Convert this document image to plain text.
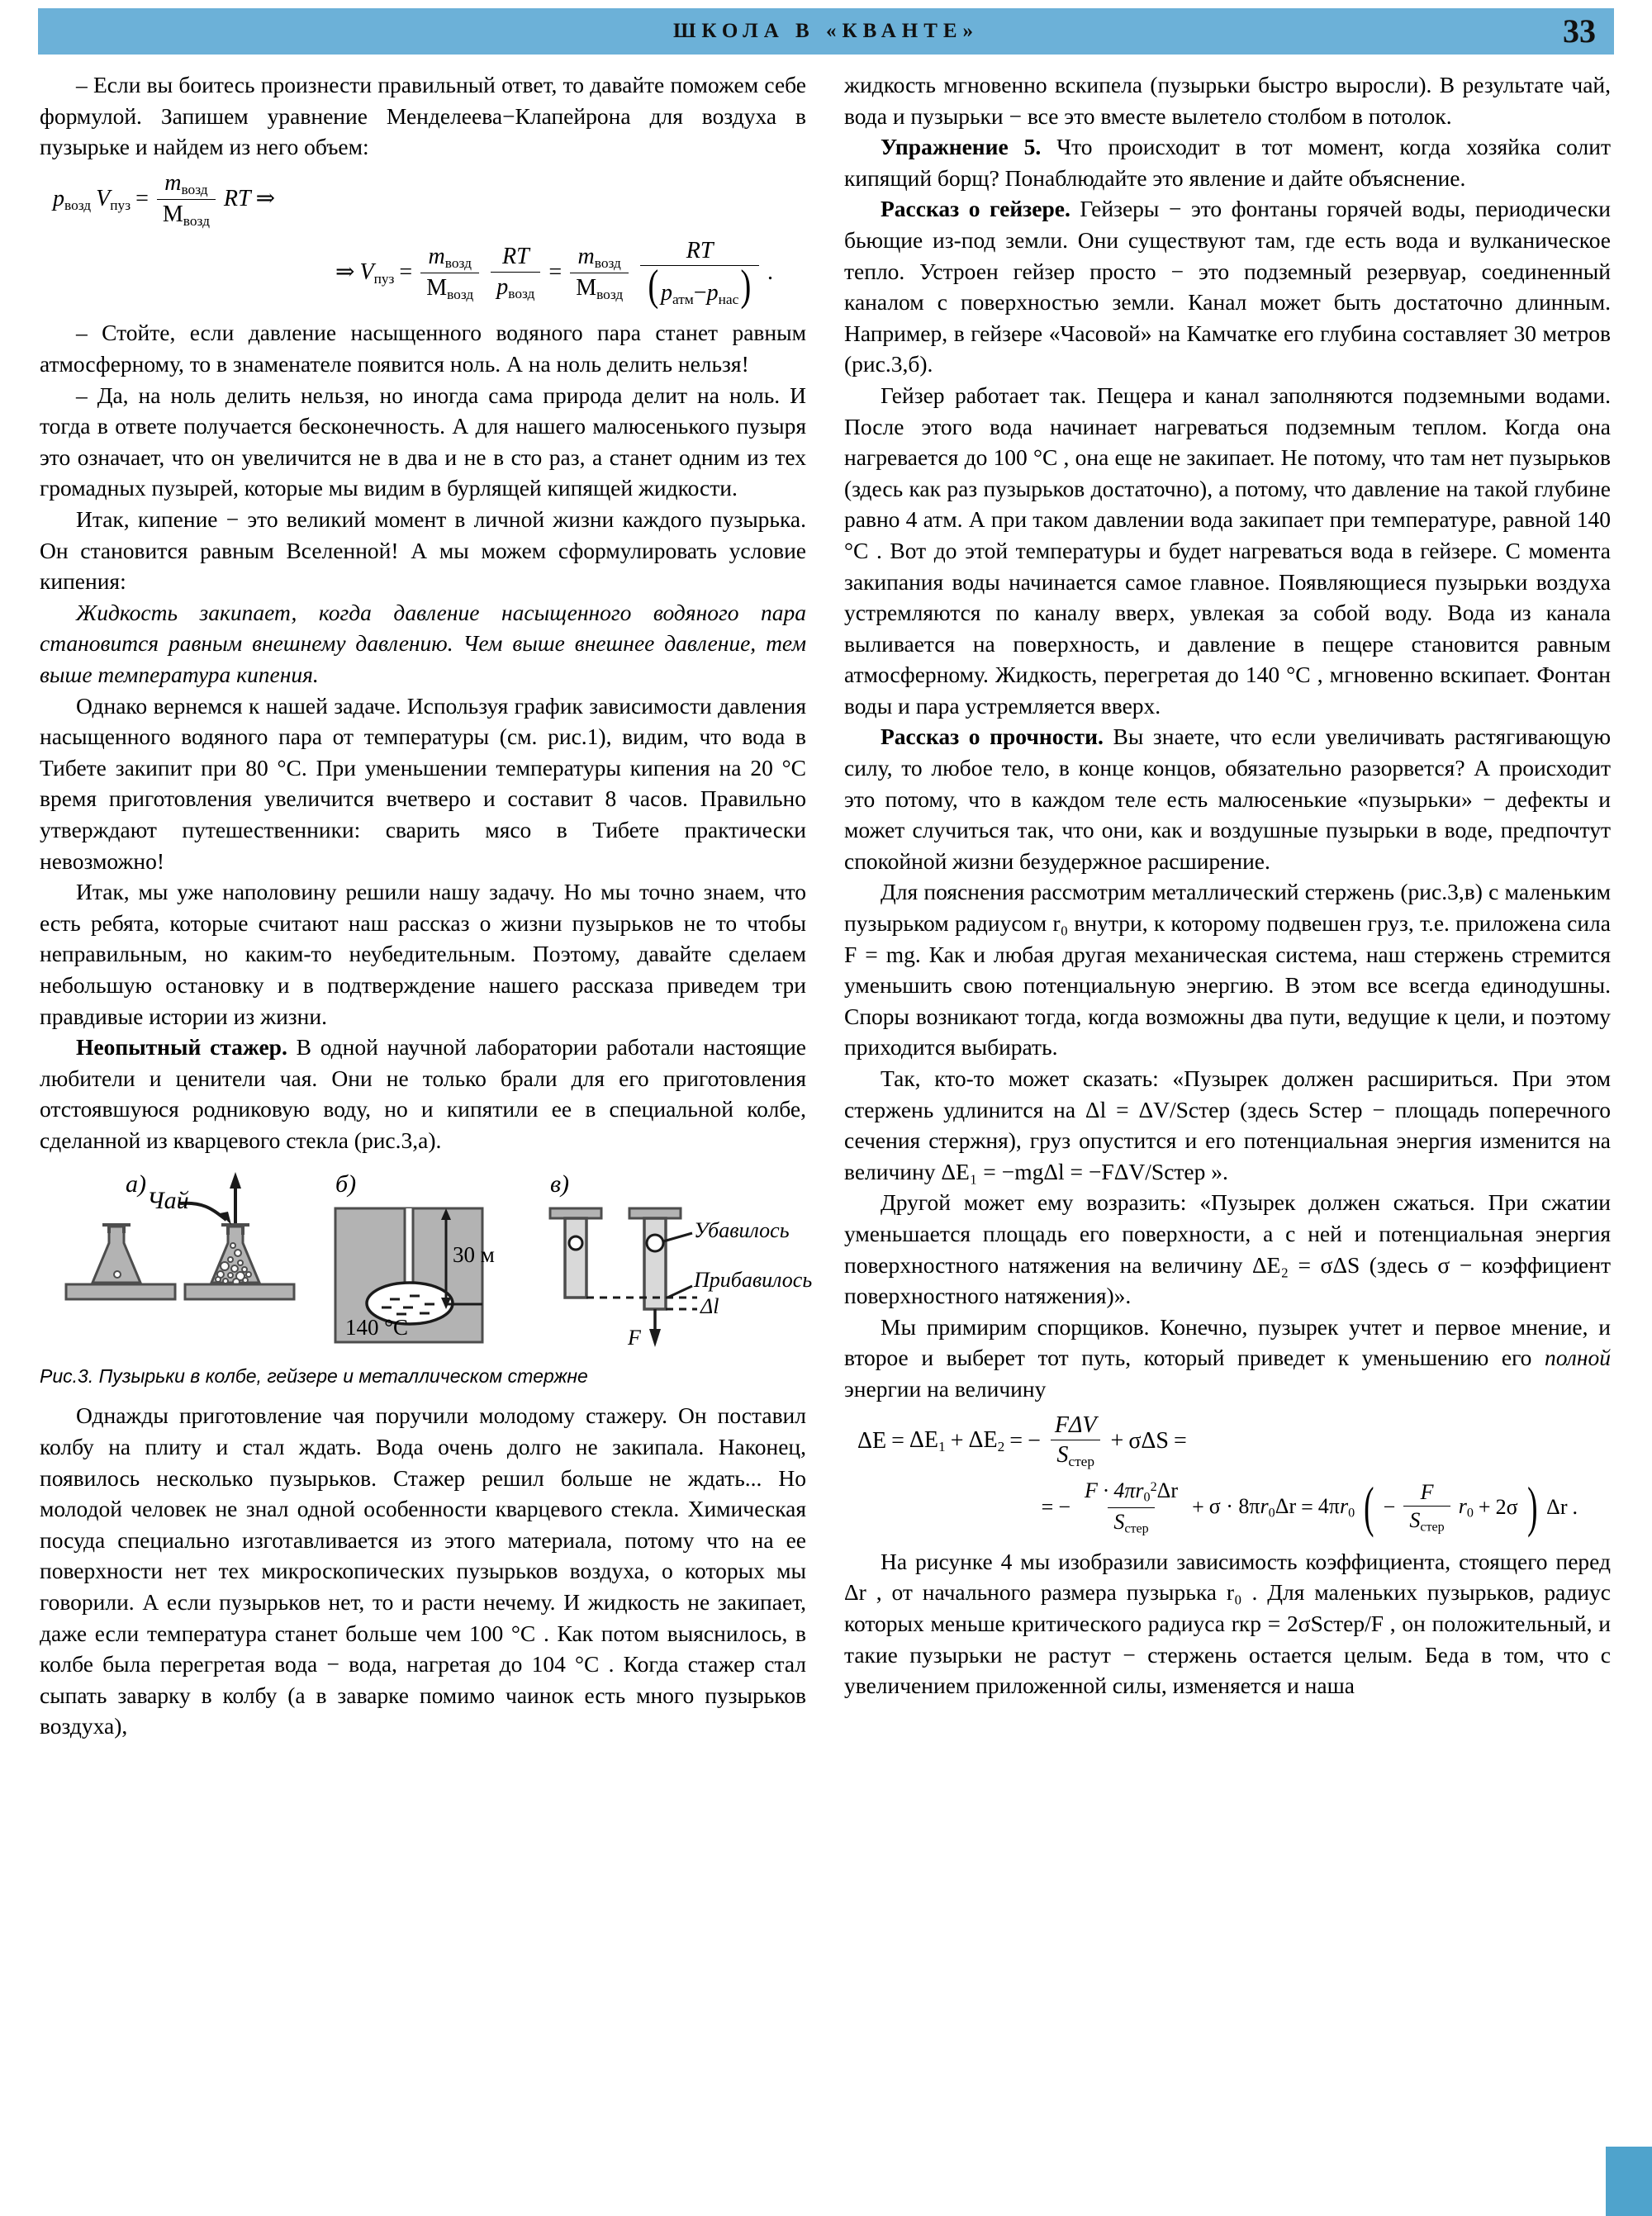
ШКОЛА В «КВАНТЕ»	33

– Если вы боитесь произнести правильный ответ, то давайте поможем себе формулой. Запишем уравнение Менделеева−Клапейрона для воздуха в пузырьке и найдем из него объем:

$p_{возд}$ $V_{пуз} = \frac{m_{возд}}{M_{возд}}$ RT ⇒
⇒ $V_{пуз} = \frac{m_{возд}}{M_{возд}} \frac{RT}{p_{возд}} = \frac{m_{возд}}{M_{возд}} \frac{RT}{(p_{атм}-p_{нас})}$ .

– Стойте, если давление насыщенного водяного пара станет равным атмосферному, то в знаменателе появится ноль. А на ноль делить нельзя!

– Да, на ноль делить нельзя, но иногда сама природа делит на ноль. И тогда в ответе получается бесконечность. А для нашего малюсенького пузыря это означает, что он увеличится не в два и не в сто раз, а станет одним из тех громадных пузырей, которые мы видим в бурлящей кипящей жидкости.

Итак, кипение − это великий момент в личной жизни каждого пузырька. Он становится равным Вселенной! А мы можем сформулировать условие кипения:

Жидкость закипает, когда давление насыщенного водяного пара становится равным внешнему давлению. Чем выше внешнее давление, тем выше температура кипения.

Однако вернемся к нашей задаче. Используя график зависимости давления насыщенного водяного пара от температуры (см. рис.1), видим, что вода в Тибете закипит при 80 °C. При уменьшении температуры кипения на 20 °C время приготовления увеличится вчетверо и составит 8 часов. Правильно утверждают путешественники: сварить мясо в Тибете практически невозможно!

Итак, мы уже наполовину решили нашу задачу. Но мы точно знаем, что есть ребята, которые считают наш рассказ о жизни пузырьков не то чтобы неправильным, но каким-то неубедительным. Поэтому, давайте сделаем небольшую остановку и в подтверждение нашего рассказа приведем три правдивые истории из жизни.

Неопытный стажер. В одной научной лаборатории работали настоящие любители и ценители чая. Они не только брали для его приготовления отстоявшуюся родниковую воду, но и кипятили ее в специальной колбе, сделанной из кварцевого стекла (рис.3,а).

а)	б)	в)
Чай
30 м
140 °C
Убавилось
Прибавилось
Δl
F

Рис.3. Пузырьки в колбе, гейзере и металлическом стержне

Однажды приготовление чая поручили молодому стажеру. Он поставил колбу на плиту и стал ждать. Вода очень долго не закипала. Наконец, появилось несколько пузырьков. Стажер решил больше не ждать... Но молодой человек не знал одной особенности кварцевого стекла. Химическая посуда специально изготавливается из этого материала, потому что на ее поверхности нет тех микроскопических пузырьков воздуха, о которых мы говорили. А если пузырьков нет, то и расти нечему. И жидкость не закипает, даже если температура станет больше чем 100 °C . Как потом выяснилось, в колбе была перегретая вода − вода, нагретая до 104 °C . Когда стажер стал сыпать заварку в колбу (а в заварке помимо чаинок есть много пузырьков воздуха),

жидкость мгновенно вскипела (пузырьки быстро выросли). В результате чай, вода и пузырьки − все это вместе вылетело столбом в потолок.

Упражнение 5. Что происходит в тот момент, когда хозяйка солит кипящий борщ? Понаблюдайте это явление и дайте объяснение.

Рассказ о гейзере. Гейзеры − это фонтаны горячей воды, периодически бьющие из-под земли. Они существуют там, где есть вода и вулканическое тепло. Устроен гейзер просто − это подземный резервуар, соединенный каналом с поверхностью земли. Канал может быть достаточно длинным. Например, в гейзере «Часовой» на Камчатке его глубина составляет 30 метров (рис.3,б).

Гейзер работает так. Пещера и канал заполняются подземными водами. После этого вода начинает нагреваться подземным теплом. Когда она нагревается до 100 °C , она еще не закипает. Не потому, что там нет пузырьков (здесь как раз пузырьков достаточно), а потому, что давление на такой глубине равно 4 атм. А при таком давлении вода закипает при температуре, равной 140 °C . Вот до этой температуры и будет нагреваться вода в гейзере. С момента закипания воды начинается самое главное. Появляющиеся пузырьки воздуха устремляются по каналу вверх, увлекая за собой воду. Вода из канала выливается на поверхность, и давление в пещере становится равным атмосферному. Жидкость, перегретая до 140 °C , мгновенно вскипает. Фонтан воды и пара устремляется вверх.

Рассказ о прочности. Вы знаете, что если увеличивать растягивающую силу, то любое тело, в конце концов, обязательно разорвется? А происходит это потому, что в каждом теле есть малюсенькие «пузырьки» − дефекты и может случиться так, что они, как и воздушные пузырьки в воде, предпочтут спокойной жизни безудержное расширение.

Для пояснения рассмотрим металлический стержень (рис.3,в) с маленьким пузырьком радиусом r₀ внутри, к которому подвешен груз, т.е. приложена сила F = mg. Как и любая другая механическая система, наш стержень стремится уменьшить свою потенциальную энергию. В этом все всегда единодушны. Споры возникают тогда, когда возможны два пути, ведущие к цели, и поэтому приходится выбирать.

Так, кто-то может сказать: «Пузырек должен расшириться. При этом стержень удлинится на Δl = ΔV/Sстер (здесь Sстер − площадь поперечного сечения стержня), груз опустится и его потенциальная энергия изменится на величину ΔE₁ = −mgΔl = −FΔV/Sстер ».

Другой может ему возразить: «Пузырек должен сжаться. При сжатии уменьшается площадь его поверхности, а с ней и потенциальная энергия поверхностного натяжения на величину ΔE₂ = σΔS (здесь σ − коэффициент поверхностного натяжения)».

Мы примирим спорщиков. Конечно, пузырек учтет и первое мнение, и второе и выберет тот путь, который приведет к уменьшению его полной энергии на величину

$\Delta E = \Delta E_1 + \Delta E_2$ = − $\frac{\text{FΔV}}{S_{стер}} + \sigma\Delta S$ =
= − $\frac{F \cdot 4\pi r_0^2\Delta r}{S_{стер}} + \sigma \cdot 8\pi r_0\Delta r = 4\pi r_0$ ( − $\frac{F}{S_{стер}} r_0 + 2\sigma$ ) Δr .

На рисунке 4 мы изобразили зависимость коэффициента, стоящего перед Δr , от начального размера пузырька r₀ . Для маленьких пузырьков, радиус которых меньше критического радиуса rкр = 2σSстер/F , он положительный, и такие пузырьки не растут − стержень остается целым. Беда в том, что с увеличением приложенной силы, изменяется и наша
